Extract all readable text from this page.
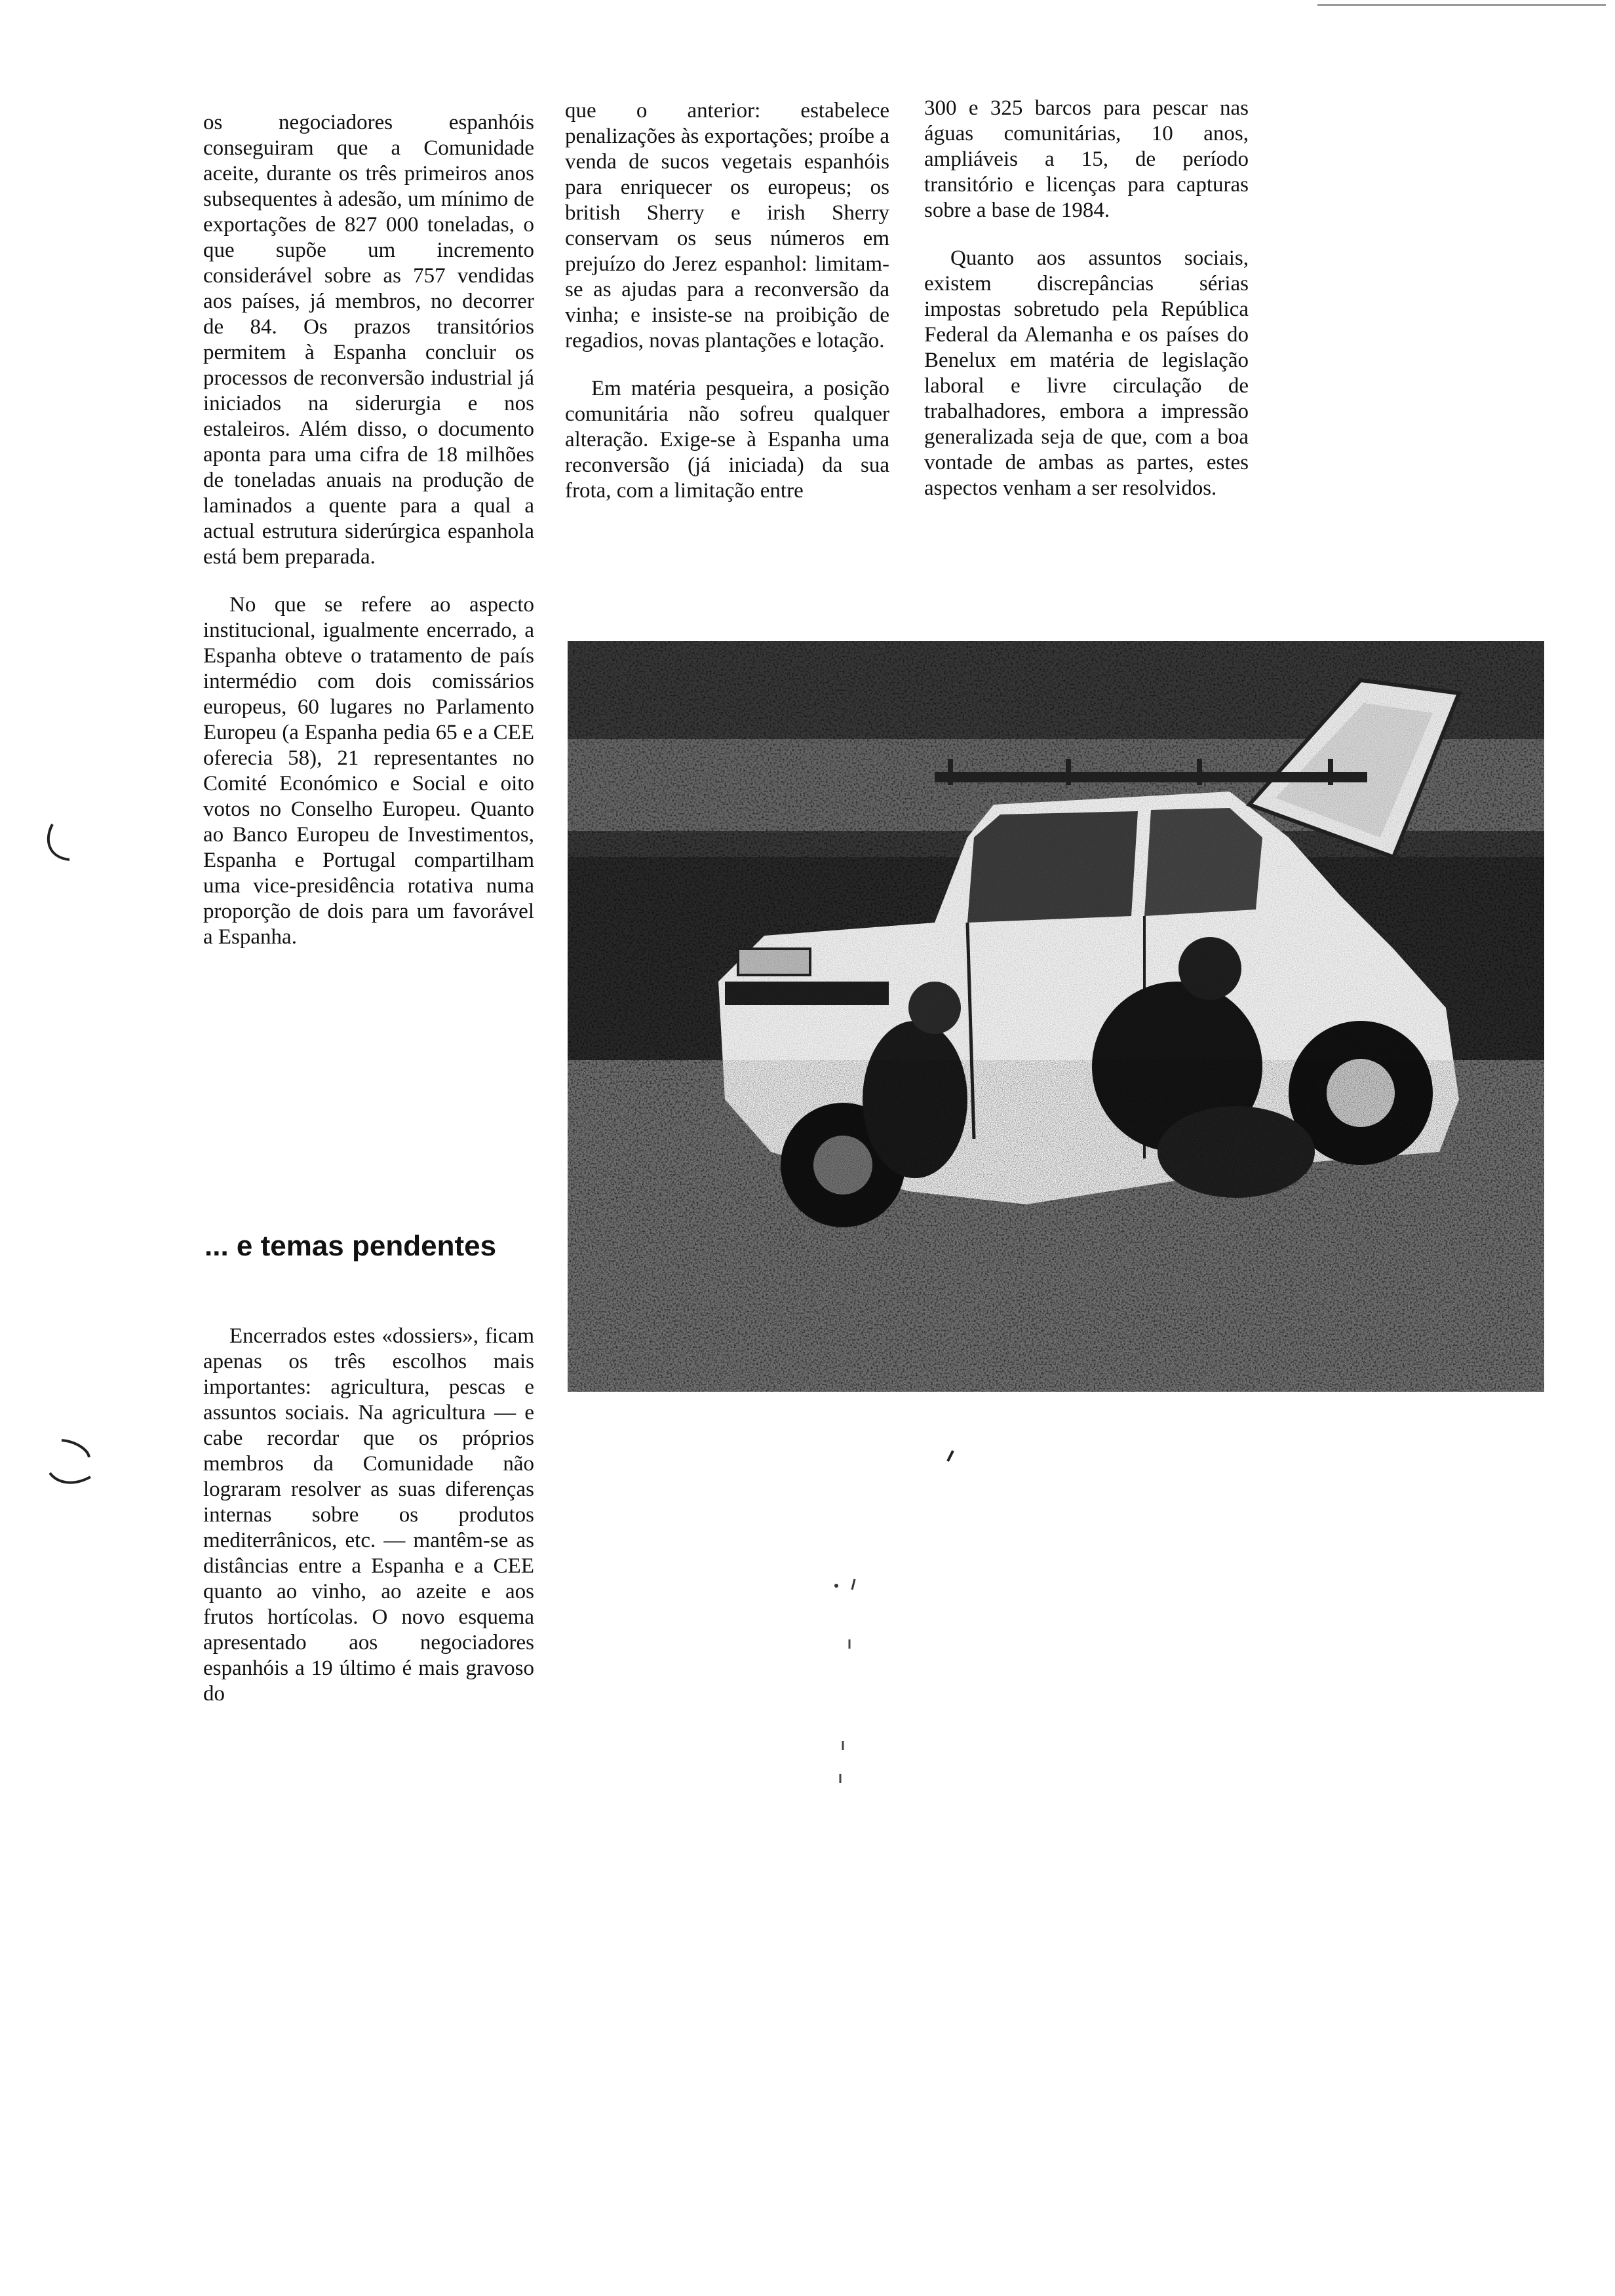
os negociadores espanhóis conseguiram que a Comunidade aceite, durante os três primeiros anos subsequentes à adesão, um mínimo de exportações de 827 000 toneladas, o que supõe um incremento considerável sobre as 757 vendidas aos países, já membros, no decorrer de 84. Os prazos transitórios permitem à Espanha concluir os processos de reconversão industrial já iniciados na siderurgia e nos estaleiros. Além disso, o documento aponta para uma cifra de 18 milhões de toneladas anuais na produção de laminados a quente para a qual a actual estrutura siderúrgica espanhola está bem preparada.

No que se refere ao aspecto institucional, igualmente encerrado, a Espanha obteve o tratamento de país intermédio com dois comissários europeus, 60 lugares no Parlamento Europeu (a Espanha pedia 65 e a CEE oferecia 58), 21 representantes no Comité Económico e Social e oito votos no Conselho Europeu. Quanto ao Banco Europeu de Investimentos, Espanha e Portugal compartilham uma vice-presidência rotativa numa proporção de dois para um favorável a Espanha.

que o anterior: estabelece penalizações às exportações; proíbe a venda de sucos vegetais espanhóis para enriquecer os europeus; os british Sherry e irish Sherry conservam os seus números em prejuízo do Jerez espanhol: limitam-se as ajudas para a reconversão da vinha; e insiste-se na proibição de regadios, novas plantações e lotação.

Em matéria pesqueira, a posição comunitária não sofreu qualquer alteração. Exige-se à Espanha uma reconversão (já iniciada) da sua frota, com a limitação entre

300 e 325 barcos para pescar nas águas comunitárias, 10 anos, ampliáveis a 15, de período transitório e licenças para capturas sobre a base de 1984.

Quanto aos assuntos sociais, existem discrepâncias sérias impostas sobretudo pela República Federal da Alemanha e os países do Benelux em matéria de legislação laboral e livre circulação de trabalhadores, embora a impressão generalizada seja de que, com a boa vontade de ambas as partes, estes aspectos venham a ser resolvidos.

... e temas pendentes

Encerrados estes «dossiers», ficam apenas os três escolhos mais importantes: agricultura, pescas e assuntos sociais. Na agricultura — e cabe recordar que os próprios membros da Comunidade não lograram resolver as suas diferenças internas sobre os produtos mediterrânicos, etc. — mantêm-se as distâncias entre a Espanha e a CEE quanto ao vinho, ao azeite e aos frutos hortícolas. O novo esquema apresentado aos negociadores espanhóis a 19 último é mais gravoso do
